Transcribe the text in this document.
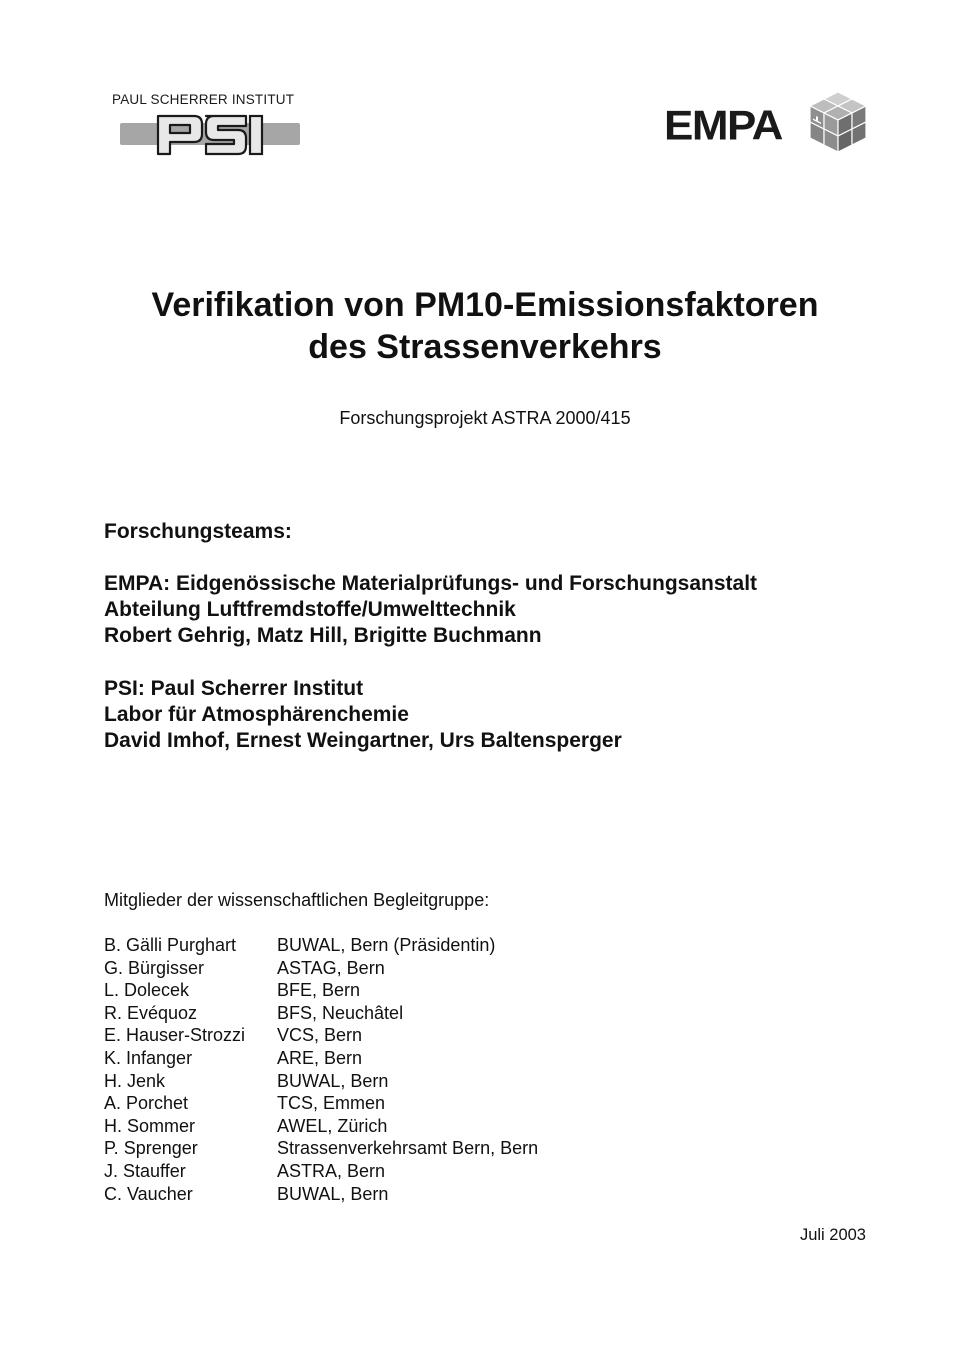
PAUL SCHERRER INSTITUT
EMPA
Verifikation von PM10-Emissionsfaktoren
des Strassenverkehrs
Forschungsprojekt ASTRA 2000/415
Forschungsteams:
EMPA: Eidgenössische Materialprüfungs- und Forschungsanstalt
Abteilung Luftfremdstoffe/Umwelttechnik
Robert Gehrig, Matz Hill, Brigitte Buchmann
PSI: Paul Scherrer Institut
Labor für Atmosphärenchemie
David Imhof, Ernest Weingartner, Urs Baltensperger
Mitglieder der wissenschaftlichen Begleitgruppe:
B. Gälli Purghart BUWAL, Bern (Präsidentin)
G. Bürgisser	ASTAG, Bern
L. Dolecek	BFE, Bern
R. Evéquoz	BFS, Neuchâtel
E. Hauser-Strozzi VCS, Bern
K. Infanger	ARE, Bern
H. Jenk	BUWAL, Bern
A. Porchet	TCS, Emmen
H. Sommer	AWEL, Zürich
P. Sprenger	Strassenverkehrsamt Bern, Bern
J. Stauffer	ASTRA, Bern
C. Vaucher	BUWAL, Bern
Juli 2003
